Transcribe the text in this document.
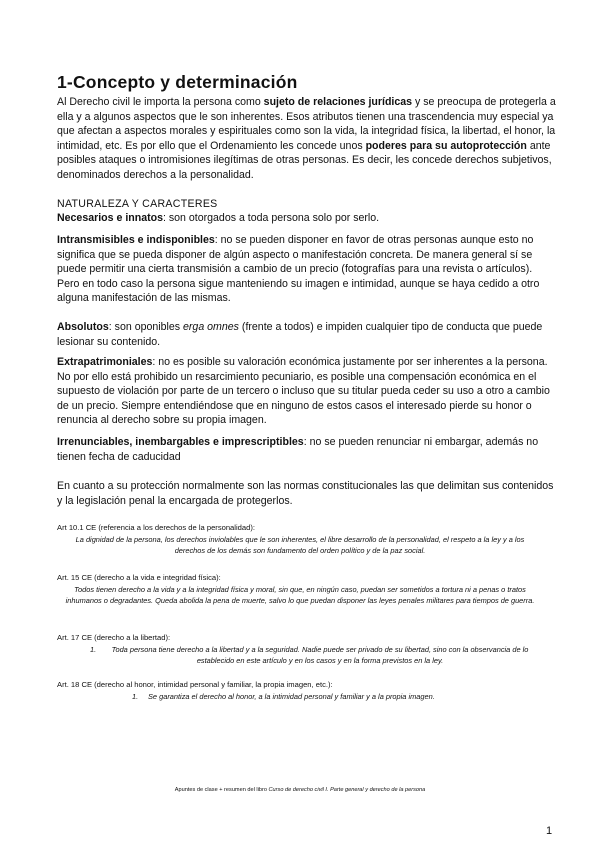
1-Concepto y determinación

Al Derecho civil le importa la persona como sujeto de relaciones jurídicas y se preocupa de protegerla a ella y a algunos aspectos que le son inherentes. Esos atributos tienen una trascendencia muy especial ya que afectan a aspectos morales y espirituales como son la vida, la integridad física, la libertad, el honor, la intimidad, etc. Es por ello que el Ordenamiento les concede unos poderes para su autoprotección ante posibles ataques o intromisiones ilegítimas de otras personas. Es decir, les concede derechos subjetivos, denominados derechos a la personalidad.

NATURALEZA Y CARACTERES

Necesarios e innatos: son otorgados a toda persona solo por serlo.

Intransmisibles e indisponibles: no se pueden disponer en favor de otras personas aunque esto no significa que se pueda disponer de algún aspecto o manifestación concreta. De manera general sí se puede permitir una cierta transmisión a cambio de un precio (fotografías para una revista o artículos). Pero en todo caso la persona sigue manteniendo su imagen e intimidad, aunque se haya cedido a otro alguna manifestación de las mismas.

Absolutos: son oponibles erga omnes (frente a todos) e impiden cualquier tipo de conducta que puede lesionar su contenido.

Extrapatrimoniales: no es posible su valoración económica justamente por ser inherentes a la persona. No por ello está prohibido un resarcimiento pecuniario, es posible una compensación económica en el supuesto de violación por parte de un tercero o incluso que su titular pueda ceder su uso a otro a cambio de un precio. Siempre entendiéndose que en ninguno de estos casos el interesado pierde su honor o renuncia al derecho sobre su propia imagen.

Irrenunciables, inembargables e imprescriptibles: no se pueden renunciar ni embargar, además no tienen fecha de caducidad

En cuanto a su protección normalmente son las normas constitucionales las que delimitan sus contenidos y la legislación penal la encargada de protegerlos.

Art 10.1 CE (referencia a los derechos de la personalidad):

La dignidad de la persona, los derechos inviolables que le son inherentes, el libre desarrollo de la personalidad, el respeto a la ley y a los derechos de los demás son fundamento del orden político y de la paz social.

Art. 15 CE (derecho a la vida e integridad física):

Todos tienen derecho a la vida y a la integridad física y moral, sin que, en ningún caso, puedan ser sometidos a tortura ni a penas o tratos inhumanos o degradantes. Queda abolida la pena de muerte, salvo lo que puedan disponer las leyes penales militares para tiempos de guerra.

Art. 17 CE (derecho a la libertad):

1.	Toda persona tiene derecho a la libertad y a la seguridad. Nadie puede ser privado de su libertad, sino con la observancia de lo establecido en este artículo y en los casos y en la forma previstos en la ley.

Art. 18 CE (derecho al honor, intimidad personal y familiar, la propia imagen, etc.):

1. Se garantiza el derecho al honor, a la intimidad personal y familiar y a la propia imagen.

Apuntes de clase + resumen del libro Curso de derecho civil I. Parte general y derecho de la persona
1
